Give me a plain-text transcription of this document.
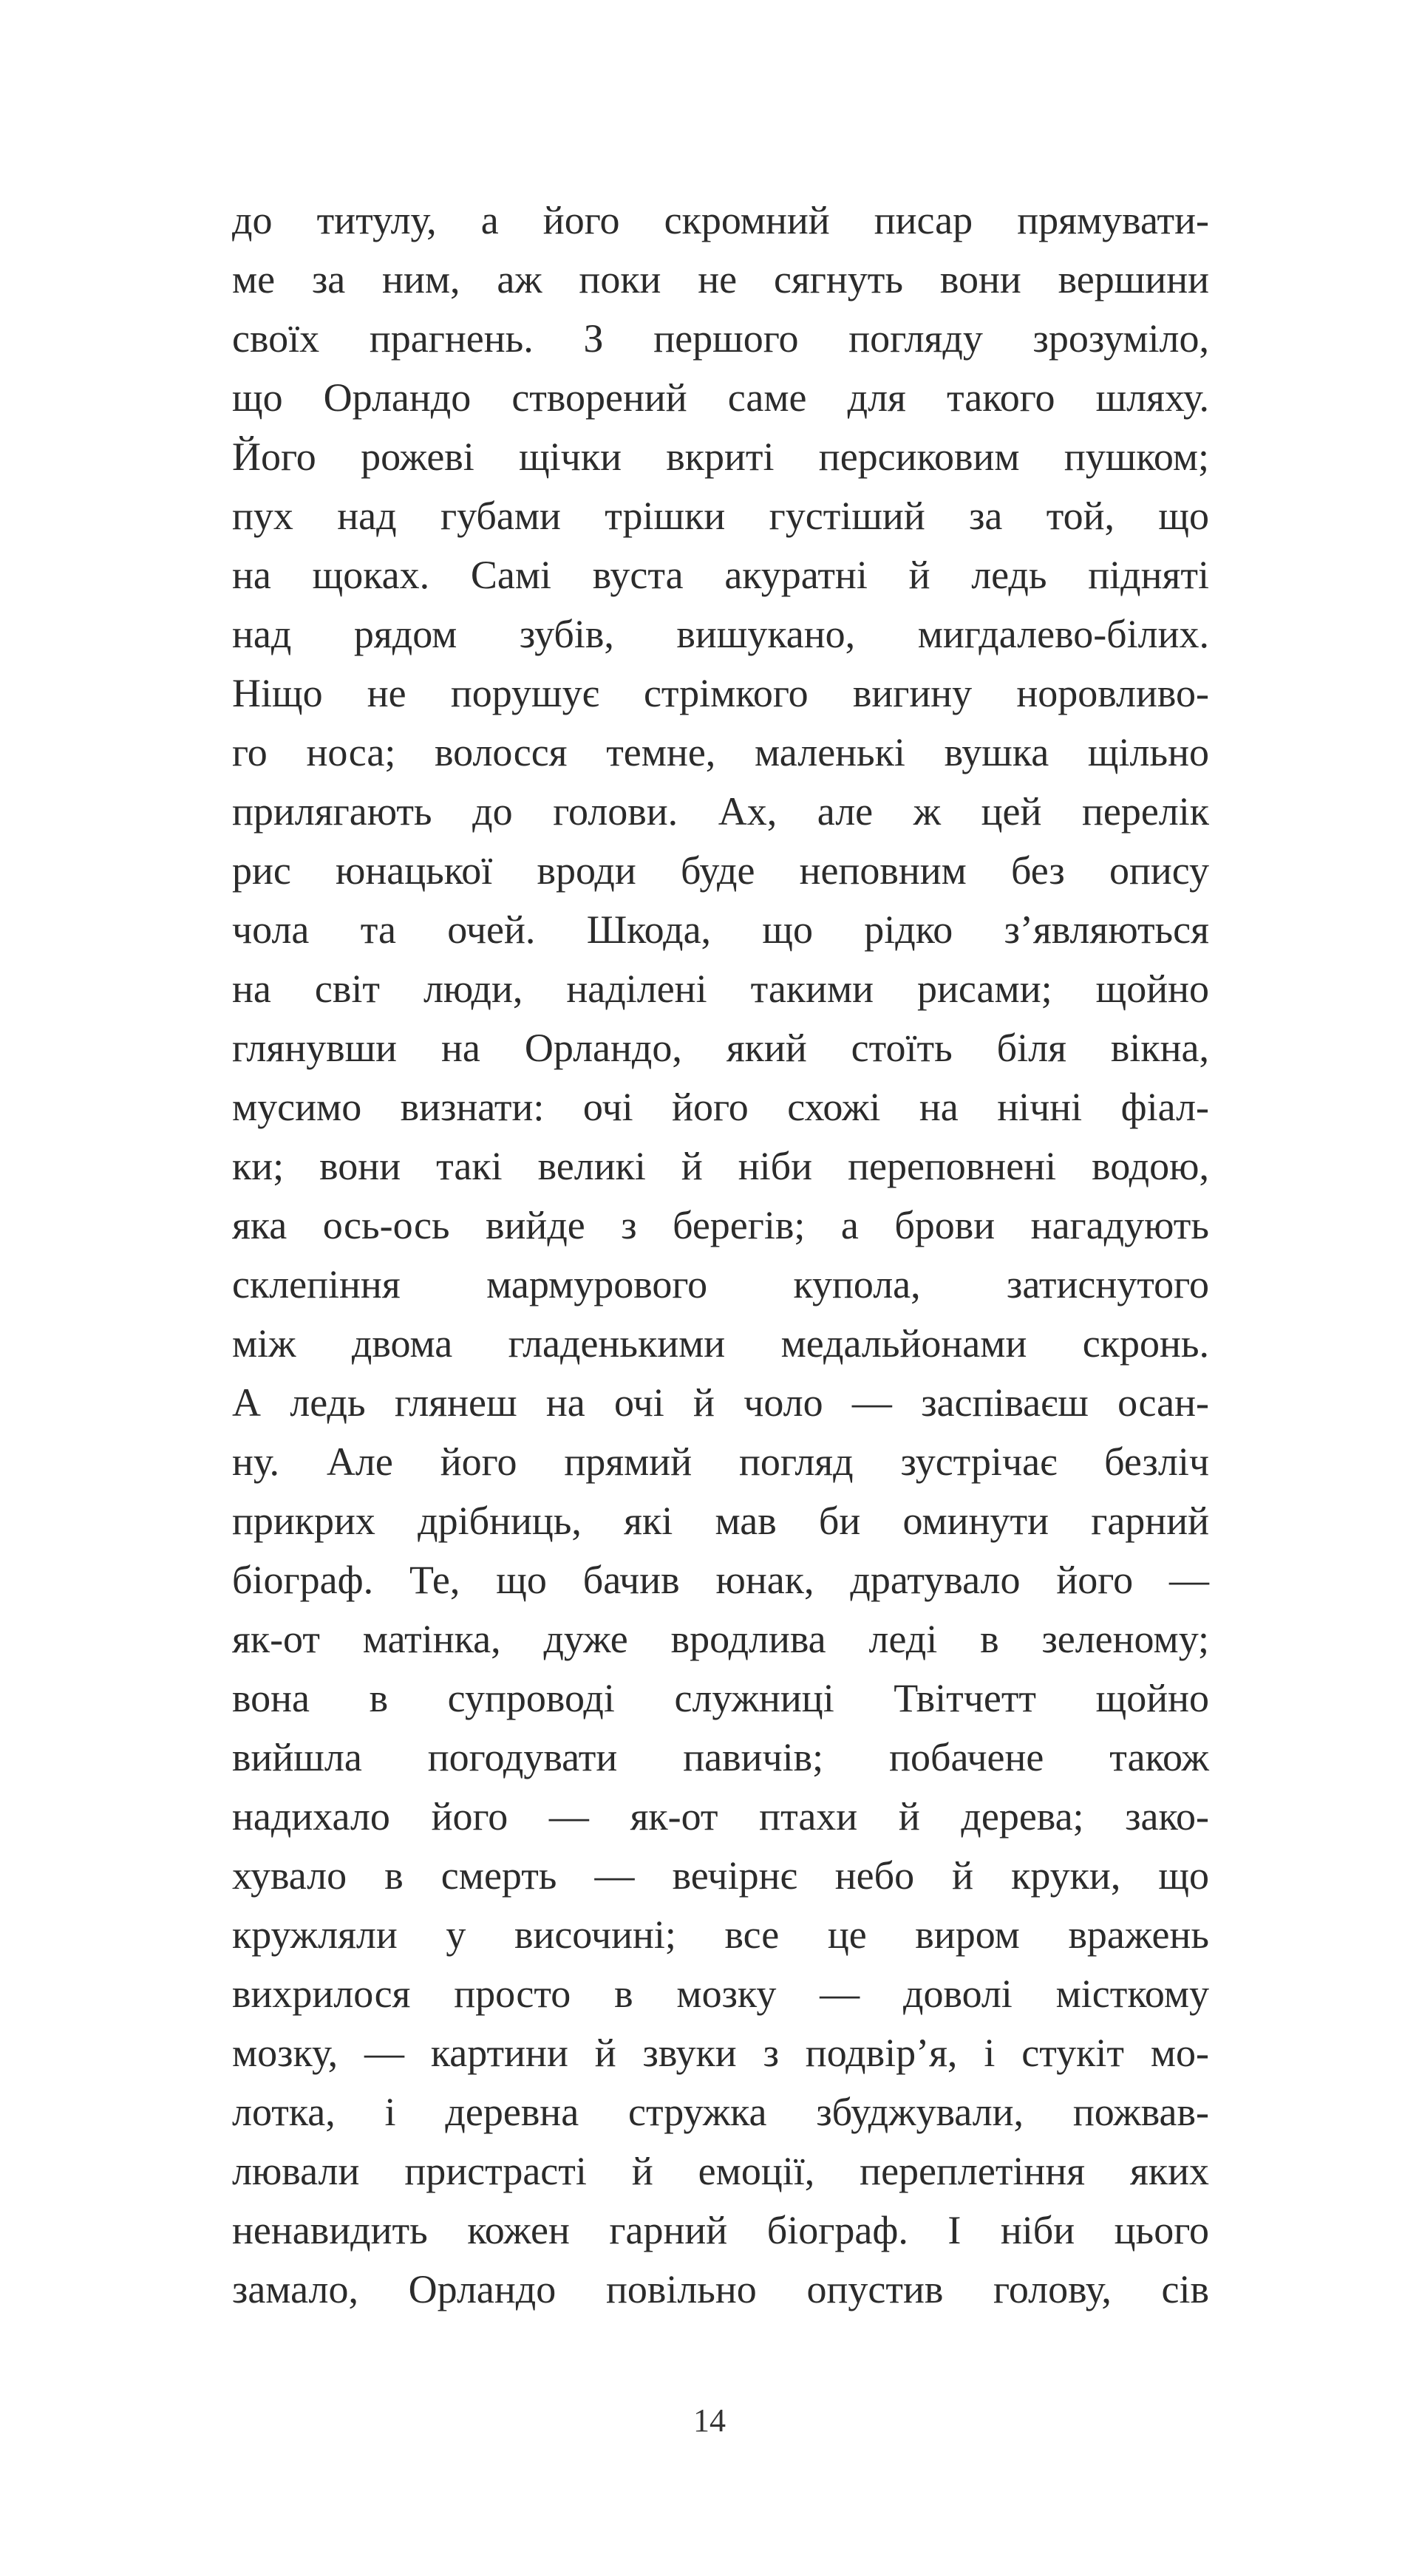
до титулу, а його скромний писар прямувати-
ме за ним, аж поки не сягнуть вони вершини
своїх прагнень. З першого погляду зрозуміло,
що Орландо створений саме для такого шляху.
Його рожеві щічки вкриті персиковим пушком;
пух над губами трішки густіший за той, що
на щоках. Самі вуста акуратні й ледь підняті
над рядом зубів, вишукано, мигдалево-білих.
Ніщо не порушує стрімкого вигину норовливо-
го носа; волосся темне, маленькі вушка щільно
прилягають до голови. Ах, але ж цей перелік
рис юнацької вроди буде неповним без опису
чола та очей. Шкода, що рідко з’являються
на світ люди, наділені такими рисами; щойно
глянувши на Орландо, який стоїть біля вікна,
мусимо визнати: очі його схожі на нічні фіал-
ки; вони такі великі й ніби переповнені водою,
яка ось-ось вийде з берегів; а брови нагадують
склепіння мармурового купола, затиснутого
між двома гладенькими медальйонами скронь.
А ледь глянеш на очі й чоло — заспіваєш осан-
ну. Але його прямий погляд зустрічає безліч
прикрих дрібниць, які мав би оминути гарний
біограф. Те, що бачив юнак, дратувало його —
як-от матінка, дуже вродлива леді в зеленому;
вона в супроводі служниці Твітчетт щойно
вийшла погодувати павичів; побачене також
надихало його — як-от птахи й дерева; зако-
хувало в смерть — вечірнє небо й круки, що
кружляли у височині; все це виром вражень
вихрилося просто в мозку — доволі місткому
мозку, — картини й звуки з подвір’я, і стукіт мо-
лотка, і деревна стружка збуджували, пожвав-
лювали пристрасті й емоції, переплетіння яких
ненавидить кожен гарний біограф. І ніби цього
замало, Орландо повільно опустив голову, сів
14
